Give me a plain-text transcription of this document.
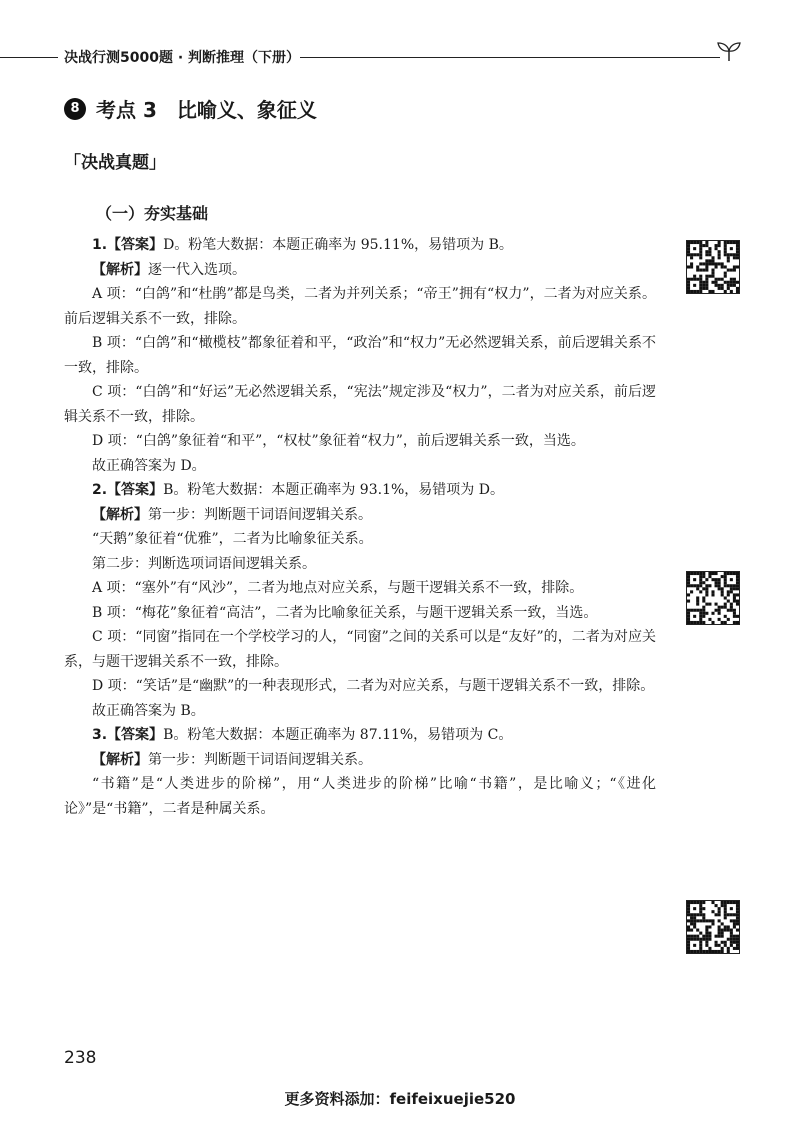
决战行测5000题 · 判断推理（下册）
8 考点 3　比喻义、象征义
「决战真题」
（一）夯实基础

1.【答案】D。粉笔大数据：本题正确率为 95.11%，易错项为 B。

【解析】逐一代入选项。

A 项：“白鸽”和“杜鹃”都是鸟类，二者为并列关系；“帝王”拥有“权力”，二者为对应关系。前后逻辑关系不一致，排除。

B 项：“白鸽”和“橄榄枝”都象征着和平，“政治”和“权力”无必然逻辑关系，前后逻辑关系不一致，排除。

C 项：“白鸽”和“好运”无必然逻辑关系，“宪法”规定涉及“权力”，二者为对应关系，前后逻辑关系不一致，排除。

D 项：“白鸽”象征着“和平”，“权杖”象征着“权力”，前后逻辑关系一致，当选。

故正确答案为 D。

2.【答案】B。粉笔大数据：本题正确率为 93.1%，易错项为 D。

【解析】第一步：判断题干词语间逻辑关系。

“天鹅”象征着“优雅”，二者为比喻象征关系。

第二步：判断选项词语间逻辑关系。

A 项：“塞外”有“风沙”，二者为地点对应关系，与题干逻辑关系不一致，排除。

B 项：“梅花”象征着“高洁”，二者为比喻象征关系，与题干逻辑关系一致，当选。

C 项：“同窗”指同在一个学校学习的人，“同窗”之间的关系可以是“友好”的，二者为对应关系，与题干逻辑关系不一致，排除。

D 项：“笑话”是“幽默”的一种表现形式，二者为对应关系，与题干逻辑关系不一致，排除。

故正确答案为 B。

3.【答案】B。粉笔大数据：本题正确率为 87.11%，易错项为 C。

【解析】第一步：判断题干词语间逻辑关系。

“书籍”是“人类进步的阶梯”，用“人类进步的阶梯”比喻“书籍”，是比喻义；“《进化论》”是“书籍”，二者是种属关系。

238
更多资料添加：feifeixuejie520
